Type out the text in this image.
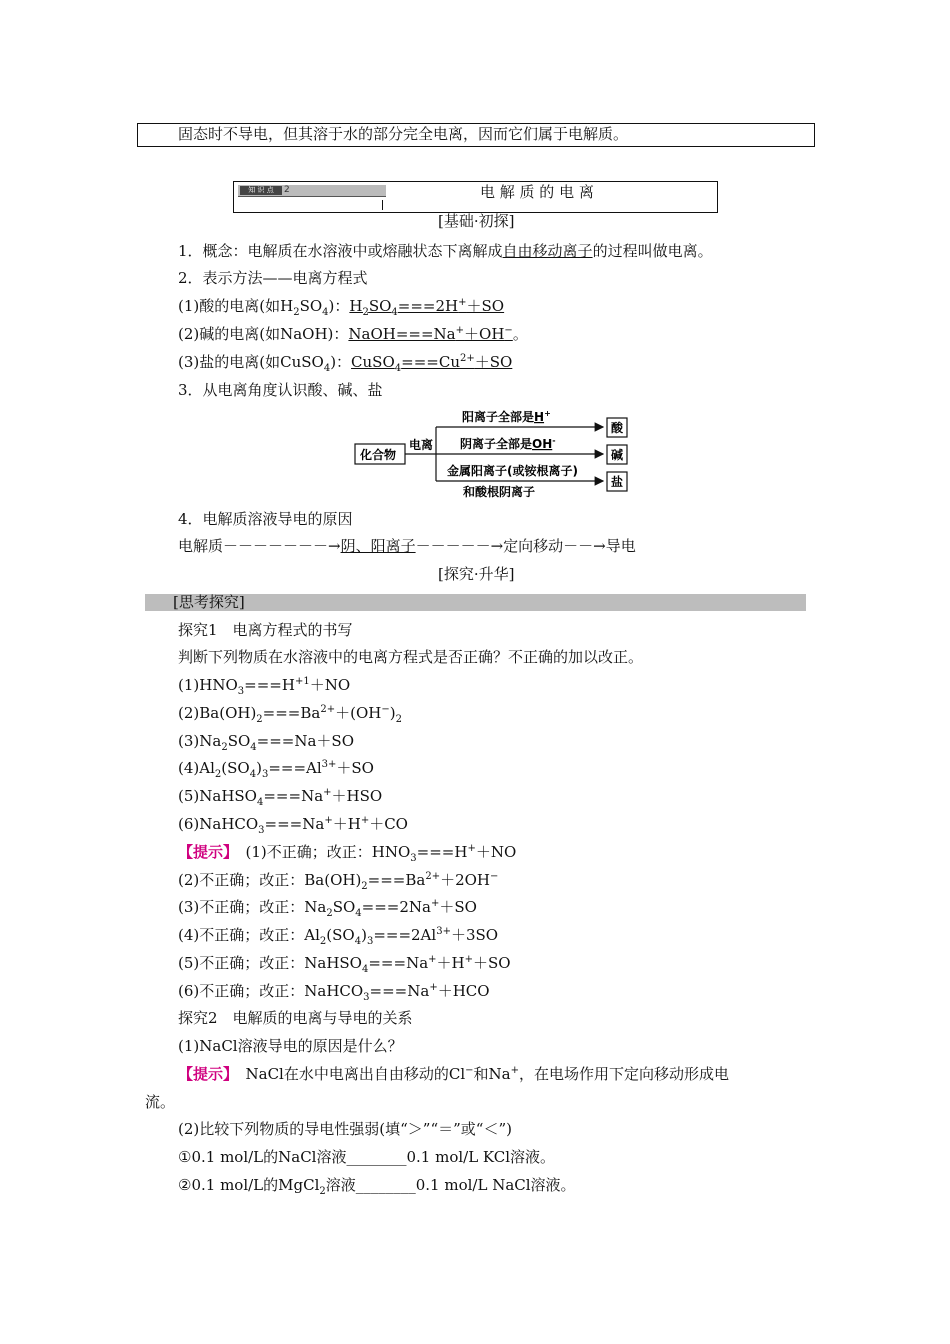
固态时不导电，但其溶于水的部分完全电离，因而它们属于电解质。
知 识 点	2	电 解 质 的 电 离
[基础·初探]
1．概念：电解质在水溶液中或熔融状态下离解成自由移动离子的过程叫做电离。
2．表示方法——电离方程式
(1)酸的电离(如$H_2SO_4$)：$H_2SO_4===2H^++SO$
(2)碱的电离(如NaOH)：NaOH===Na+＋OH−。
(3)盐的电离(如CuSO$_4$)：$CuSO_4===Cu^{2+}+SO$
3．从电离角度认识酸、碱、盐
化合物
电离
阳离子全部是H+
阴离子全部是OH-
金属阳离子(或铵根离子)
和酸根阴离子
酸
碱
盐
4．电解质溶液导电的原因
电解质－－－－－－－→阴、阳离子－－－－－→定向移动－－→导电
[探究·升华]
[思考探究]
探究1　电离方程式的书写
判断下列物质在水溶液中的电离方程式是否正确？不正确的加以改正。
$(1)HNO_3===H^{+1}+NO$
$(2)Ba(OH)_2===Ba^{2+}+(OH^-)_2$
$(3)Na_2SO_4===Na+SO$
$(4)Al_2(SO_4)_3===Al^{3+}+SO$
(5)NaHSO$_4$===Na+＋HSO
(6)NaHCO$_3$===Na+＋H+＋CO
【提示】　(1)不正确；改正：$HNO_3===H^++NO$
(2)不正确；改正：$Ba(OH)_2===Ba^{2+}+2OH^-$
(3)不正确；改正：$Na_2SO_4===2Na^++SO$
(4)不正确；改正：$Al_2(SO_4)_3===2Al^{3+}+3SO$
(5)不正确；改正：NaHSO$_4$===Na+＋H+＋SO
(6)不正确；改正：NaHCO$_3$===Na+＋HCO
探究2　电解质的电离与导电的关系
(1)NaCl溶液导电的原因是什么？
【提示】　NaCl在水中电离出自由移动的Cl−和Na+，在电场作用下定向移动形成电
流。
(2)比较下列物质的导电性强弱(填“＞”“＝”或“＜”)
①0.1 mol/L的NaCl溶液________0.1 mol/L KCl溶液。
②0.1 mol/L的MgCl$_2$溶液________0.1 mol/L NaCl溶液。
